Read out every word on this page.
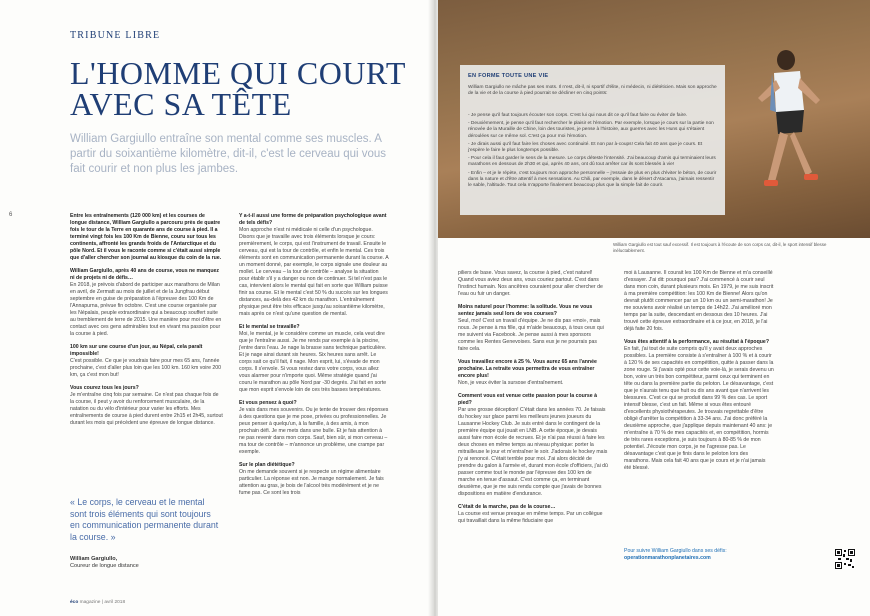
TRIBUNE LIBRE
L'HOMME QUI COURT
AVEC SA TÊTE
William Gargiullo entraîne son mental comme ses muscles. A partir du soixantième kilomètre, dit-il, c'est le cerveau qui vous fait courir et non plus les jambes.
6	Entre les entraînements (120 000 km) et les courses de longue distance, William Gargiullo a parcouru près de quatre fois le tour de la Terre en quarante ans de course à pied. Il a terminé vingt fois les 100 Km de Bienne, couru sur tous les continents, affronté les grands froids de l'Antarctique et du pôle Nord. Et il vous le raconte comme si c'était aussi simple que d'aller chercher son journal au kiosque du coin de la rue.

William Gargiullo, après 40 ans de course, vous ne manquez ni de projets ni de défis…
En 2018, je prévois d'abord de participer aux marathons de Milan en avril, de Zermatt au mois de juillet et de la Jungfrau début septembre en guise de préparation à l'épreuve des 100 Km de l'Annapurna, prévue fin octobre. C'est une course organisée par les Népalais, peuple extraordinaire qui a beaucoup souffert suite au tremblement de terre de 2015. Une manière pour moi d'être en contact avec ces gens admirables tout en vivant ma passion pour la course à pied.

100 km sur une course d'un jour, au Népal, cela paraît impossible!
C'est possible. Ce que je voudrais faire pour mes 65 ans, l'année prochaine, c'est d'aller plus loin que les 100 km. 160 km voire 200 km, ça c'est mon but!

Vous courez tous les jours?
Je m'entraîne cinq fois par semaine. Ce n'est pas chaque fois de la course, il peut y avoir du renforcement musculaire, de la natation ou du vélo d'intérieur pour varier les efforts. Mes entraînements de course à pied durent entre 2h15 et 2h45, surtout durant les mois qui précèdent une épreuve de longue distance.

« Le corps, le cerveau et le mental sont trois éléments qui sont toujours en communication permanente durant la course. »
William Gargiullo,
Coureur de longue distance

Y a-t-il aussi une forme de préparation psychologique avant de tels défis?
Mon approche n'est ni médicale ni celle d'un psychologue. Disons que je travaille avec trois éléments lorsque je cours: premièrement, le corps, qui est l'instrument de travail. Ensuite le cerveau, qui est la tour de contrôle, et enfin le mental. Ces trois éléments sont en communication permanente durant la course. A un moment donné, par exemple, le corps signale une douleur au mollet. Le cerveau – la tour de contrôle – analyse la situation pour établir s'il y a danger ou non de continuer. Si tel n'est pas le cas, intervient alors le mental qui fait en sorte que William puisse finir sa course. Et le mental c'est 50 % du succès sur les longues distances, au-delà des 42 km du marathon. L'entraînement physique peut être très efficace jusqu'au soixantième kilomètre, mais après ce n'est qu'une question de mental.

Et le mental se travaille?
Moi, le mental, je le considère comme un muscle, cela veut dire que je l'entraîne aussi. Je me rends par exemple à la piscine, j'entre dans l'eau. Je nage la brasse sans technique particulière. Et je nage ainsi durant six heures. Six heures sans arrêt. Le corps sait ce qu'il fait, il nage. Mon esprit, lui, s'évade de mon corps. Il s'envole. Si vous restez dans votre corps, vous allez vous alarmer pour n'importe quoi. Même stratégie quand j'ai couru le marathon au pôle Nord par -30 degrés. J'ai fait en sorte que mon esprit s'envole loin de ces très basses températures.

Et vous pensez à quoi?
Je vais dans mes souvenirs. Ou je tente de trouver des réponses à des questions que je me pose, privées ou professionnelles. Je peux penser à quelqu'un, à la famille, à des amis, à mon prochain défi. Je me mets dans une bulle. Et je fais attention à ne pas revenir dans mon corps. Sauf, bien sûr, si mon cerveau – ma tour de contrôle – m'annonce un problème, une crampe par exemple.

Sur le plan diététique?
On me demande souvent si je respecte un régime alimentaire particulier. La réponse est non. Je mange normalement. Je fais attention au gras, je bois de l'alcool très modérément et je ne fume pas. Ce sont les trois

éco magazine | avril 2018
EN FORME TOUTE UNE VIE
William Gargiullo ne mâche pas ses mots. Il n'est, dit-il, ni sportif d'élite, ni médecin, ni diététicien. Mais son approche de la vie et de la course à pied pourrait se décliner en cinq points:
- Je pense qu'il faut toujours écouter son corps. C'est lui qui nous dit ce qu'il faut faire ou éviter de faire.
- Deuxièmement, je pense qu'il faut rechercher le plaisir et l'émotion. Par exemple, lorsque je cours sur la partie non rénovée de la Muraille de Chine, loin des touristes, je pense à l'histoire, aux guerres avec les Huns qui s'étaient déroulées sur ce même sol. C'est ça pour moi l'émotion.
- Je dirais aussi qu'il faut faire les choses avec continuité. Et non par à-coups! Cela fait 40 ans que je cours. Et j'espère le faire le plus longtemps possible.
- Pour cela il faut garder le sens de la mesure. Le corps déteste l'intensité. J'ai beaucoup d'amis qui terminaient leurs marathons en dessous de 2h30 et qui, après 40 ans, ont dû tout arrêter car ils sont blessés à vie!
- Enfin – et je le répète, c'est toujours mon approche personnelle – j'essaie de plus en plus d'éviter le béton, de courir dans la nature et d'être attentif à mes sensations. Au Chili, par exemple, dans le désert d'Atacama, j'aimais ressentir le sable, l'altitude. Tout cela m'apporte finalement beaucoup plus que la simple fait de courir.
William Gargiullo est tout sauf excessif. Il est toujours à l'écoute de son corps car, dit-il, le sport intensif blesse inéluctablement.

piliers de base. Vous savez, la course à pied, c'est naturel! Quand vous aviez deux ans, vous couriez partout. C'est dans l'instinct humain. Nos ancêtres couraient pour aller chercher de l'eau ou fuir un danger.

Moins naturel pour l'homme: la solitude. Vous ne vous sentez jamais seul lors de vos courses?
Seul, moi! C'est un travail d'équipe. Je ne dis pas «moi», mais nous. Je pense à ma fille, qui m'aide beaucoup, à tous ceux qui me suivent via Facebook. Je pense aussi à mes sponsors comme les Rentes Genevoises. Sans eux je ne pourrais pas faire cela.

Vous travaillez encore à 25 %. Vous aurez 65 ans l'année prochaine. La retraite vous permettra de vous entraîner encore plus!
Non, je veux éviter la sursose d'entraînement.

Comment vous est venue cette passion pour la course à pied?
Par une grosse déception! C'était dans les années 70. Je faisais du hockey sur glace parmi les meilleurs jeunes joueurs du Lausanne Hockey Club. Je suis entré dans le contingent de la première équipe qui jouait en LNB. A cette époque, je devais aussi faire mon école de recrues. Et je n'ai pas réussi à faire les deux choses en même temps au niveau physique: porter la mitrailleuse le jour et m'entraîner le soir. J'adorais le hockey mais j'y ai renoncé. C'était terrible pour moi. J'ai alors décidé de prendre du galon à l'armée et, durant mon école d'officiers, j'ai dû passer comme tout le monde par l'épreuve des 100 km de marche en tenue d'assaut. C'est comme ça, en terminant deuxième, que je me suis rendu compte que j'avais de bonnes dispositions en matière d'endurance.

C'était de la marche, pas de la course…
La course est venue presque en même temps. Par un collègue qui travaillait dans la même fiduciaire que

moi à Lausanne. Il courait les 100 Km de Bienne et m'a conseillé d'essayer. J'ai dit: pourquoi pas? J'ai commencé à courir seul dans mon coin, durant plusieurs mois. En 1979, je me suis inscrit à ma première compétition: les 100 Km de Bienne! Alors qu'on devrait plutôt commencer par un 10 km ou un semi-marathon! Je me souviens avoir réalisé un temps de 14h22. J'ai amélioré mon temps par la suite, descendant en dessous des 10 heures. J'ai trouvé cette épreuve extraordinaire et à ce jour, en 2018, je l'ai déjà faite 20 fois.

Vous êtes attentif à la performance, au résultat à l'époque?
En fait, j'ai tout de suite compris qu'il y avait deux approches possibles. La première consiste à s'entraîner à 100 % et à courir à 120 % de ses capacités en compétition, quitte à passer dans la zone rouge. Si j'avais opté pour cette voie-là, je serais devenu un bon, voire un très bon compétiteur, parmi ceux qui terminent en tête ou dans la première partie du peloton. Le désavantage, c'est que je n'aurais tenu que huit ou dix ans avant que n'arrivent les blessures. C'est ce qui se produit dans 99 % des cas. Le sport intensif blesse, c'est un fait. Même si vous êtes entouré d'excellents physiothérapeutes. Je trouvais regrettable d'être obligé d'arrêter la compétition à 33-34 ans. J'ai donc préféré la deuxième approche, que j'applique depuis maintenant 40 ans: je m'entraîne à 70 % de mes capacités et, en compétition, hormis de très rares exceptions, je suis toujours à 80-85 % de mon potentiel. J'écoute mon corps, je ne l'agresse pas. Le désavantage c'est que je finis dans le peloton lors des marathons. Mais cela fait 40 ans que je cours et je n'ai jamais été blessé.

Pour suivre William Gargiullo dans ses défis:
operationmarathonplanetaires.com
